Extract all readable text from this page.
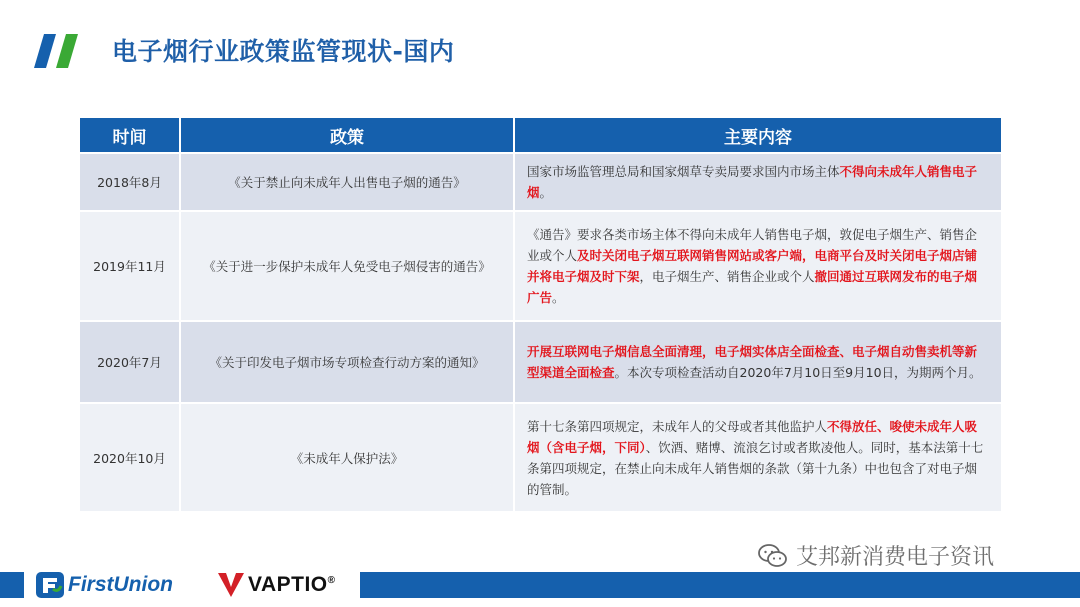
电子烟行业政策监管现状-国内
时间	政策	主要内容
2018年8月	《关于禁止向未成年人出售电子烟的通告》	国家市场监管理总局和国家烟草专卖局要求国内市场主体不得向未成年人销售电子烟。
2019年11月	《关于进一步保护未成年人免受电子烟侵害的通告》	《通告》要求各类市场主体不得向未成年人销售电子烟，敦促电子烟生产、销售企业或个人及时关闭电子烟互联网销售网站或客户端，电商平台及时关闭电子烟店铺并将电子烟及时下架，电子烟生产、销售企业或个人撤回通过互联网发布的电子烟广告。
2020年7月	《关于印发电子烟市场专项检查行动方案的通知》	开展互联网电子烟信息全面清理，电子烟实体店全面检查、电子烟自动售卖机等新型渠道全面检查。本次专项检查活动自2020年7月10日至9月10日，为期两个月。
2020年10月	《未成年人保护法》	第十七条第四项规定，未成年人的父母或者其他监护人不得放任、唆使未成年人吸烟（含电子烟，下同）、饮酒、赌博、流浪乞讨或者欺凌他人。同时，基本法第十七条第四项规定，在禁止向未成年人销售烟的条款（第十九条）中也包含了对电子烟的管制。
FirstUnion	VAPTIO®
艾邦新消费电子资讯
